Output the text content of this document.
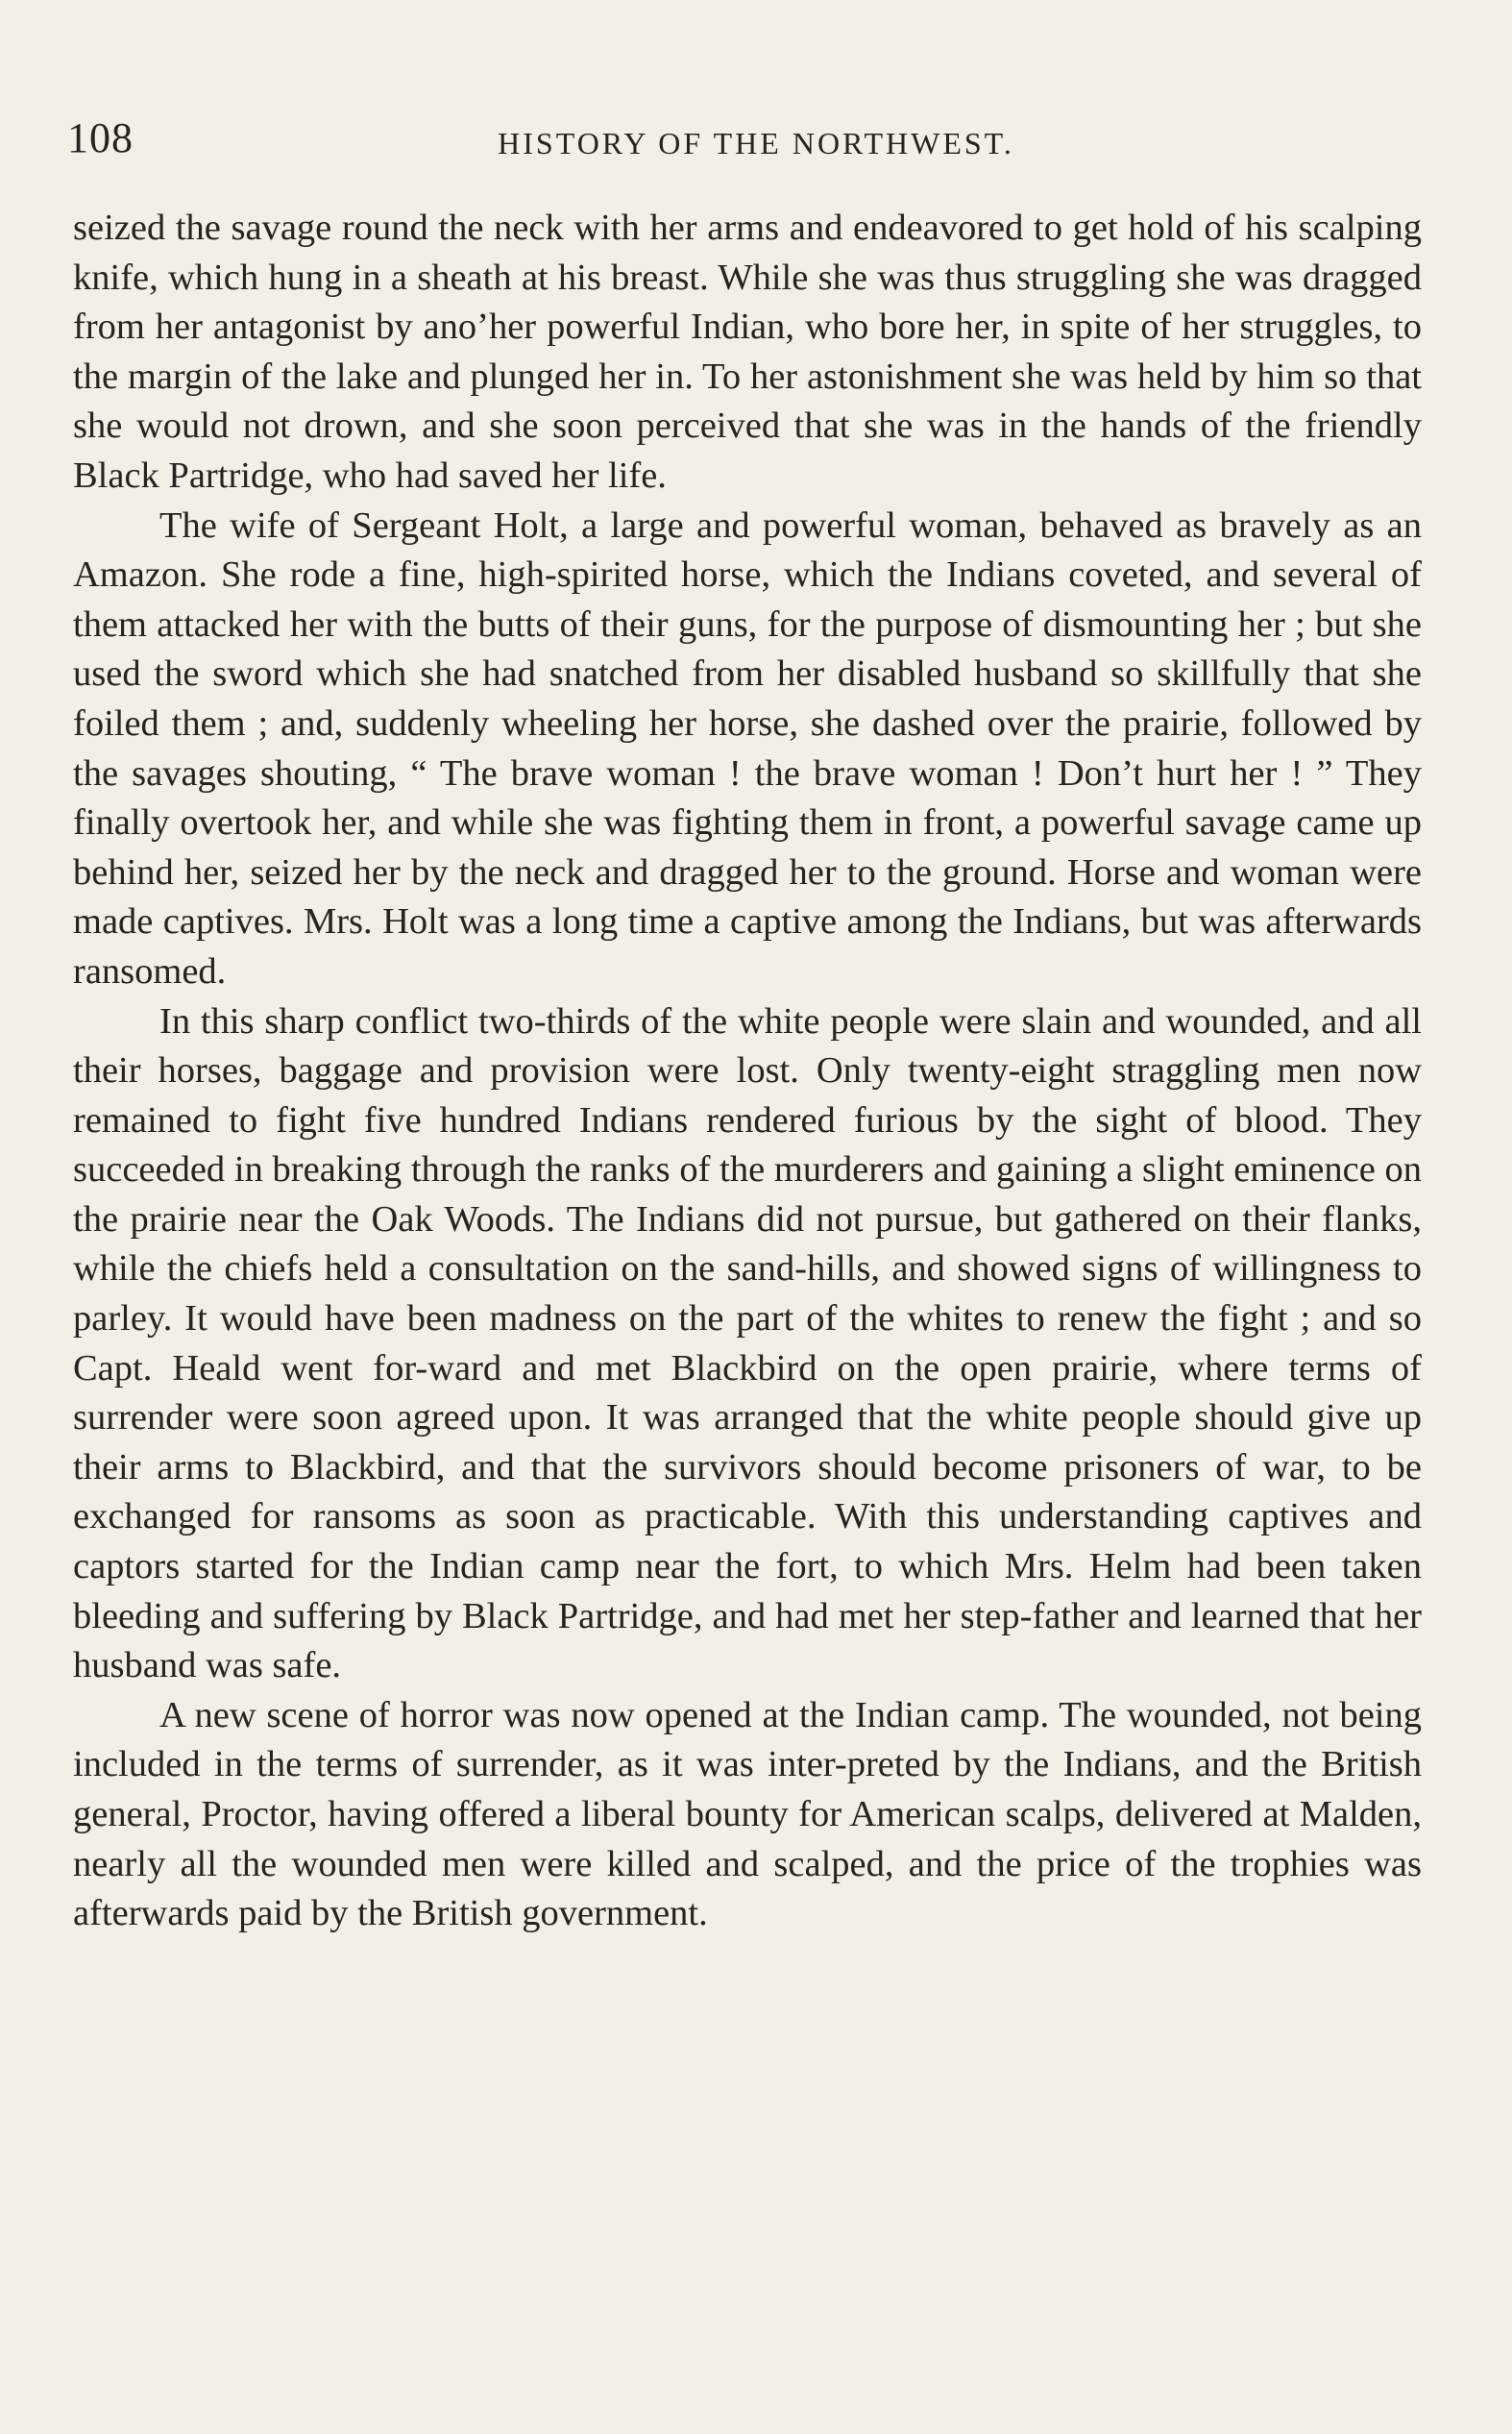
108	HISTORY OF THE NORTHWEST.

seized the savage round the neck with her arms and endeavored to get hold of his scalping knife, which hung in a sheath at his breast. While she was thus struggling she was dragged from her antagonist by anoʼher powerful Indian, who bore her, in spite of her struggles, to the margin of the lake and plunged her in. To her astonishment she was held by him so that she would not drown, and she soon perceived that she was in the hands of the friendly Black Partridge, who had saved her life.

The wife of Sergeant Holt, a large and powerful woman, behaved as bravely as an Amazon. She rode a fine, high-spirited horse, which the Indians coveted, and several of them attacked her with the butts of their guns, for the purpose of dismounting her ; but she used the sword which she had snatched from her disabled husband so skillfully that she foiled them ; and, suddenly wheeling her horse, she dashed over the prairie, followed by the savages shouting, “ The brave woman ! the brave woman ! Don’t hurt her ! ” They finally overtook her, and while she was fighting them in front, a powerful savage came up behind her, seized her by the neck and dragged her to the ground. Horse and woman were made captives. Mrs. Holt was a long time a captive among the Indians, but was afterwards ransomed.

In this sharp conflict two-thirds of the white people were slain and wounded, and all their horses, baggage and provision were lost. Only twenty-eight straggling men now remained to fight five hundred Indians rendered furious by the sight of blood. They succeeded in breaking through the ranks of the murderers and gaining a slight eminence on the prairie near the Oak Woods. The Indians did not pursue, but gathered on their flanks, while the chiefs held a consultation on the sand-hills, and showed signs of willingness to parley. It would have been madness on the part of the whites to renew the fight ; and so Capt. Heald went for-ward and met Blackbird on the open prairie, where terms of surrender were soon agreed upon. It was arranged that the white people should give up their arms to Blackbird, and that the survivors should become prisoners of war, to be exchanged for ransoms as soon as practicable. With this understanding captives and captors started for the Indian camp near the fort, to which Mrs. Helm had been taken bleeding and suffering by Black Partridge, and had met her step-father and learned that her husband was safe.

A new scene of horror was now opened at the Indian camp. The wounded, not being included in the terms of surrender, as it was inter-preted by the Indians, and the British general, Proctor, having offered a liberal bounty for American scalps, delivered at Malden, nearly all the wounded men were killed and scalped, and the price of the trophies was afterwards paid by the British government.
